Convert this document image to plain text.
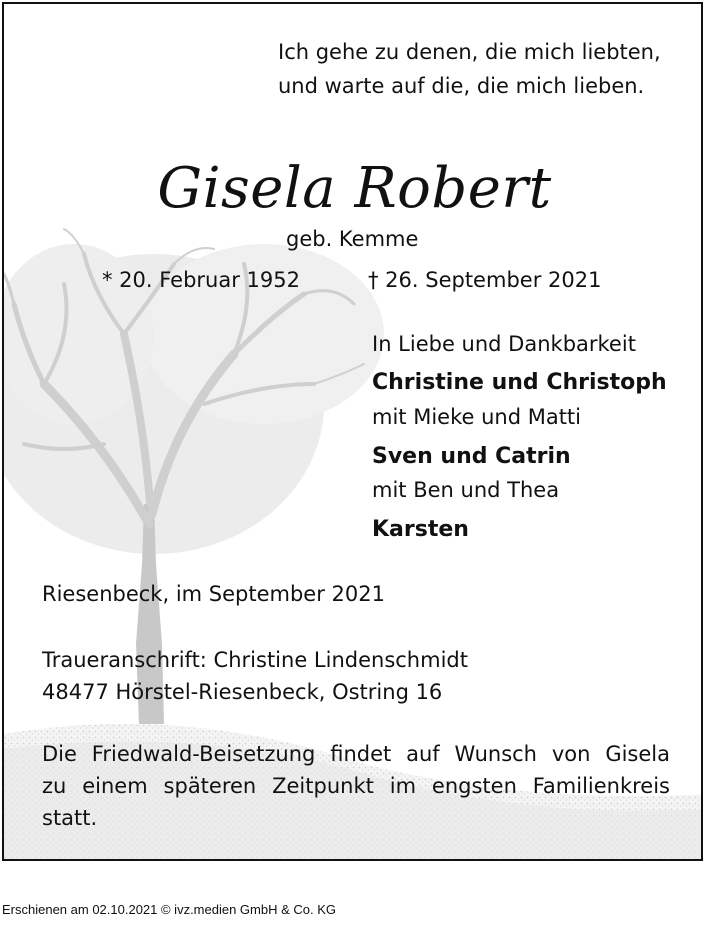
Ich gehe zu denen, die mich liebten,
und warte auf die, die mich lieben.
Gisela Robert
geb. Kemme
* 20. Februar 1952	† 26. September 2021
In Liebe und Dankbarkeit
Christine und Christoph
mit Mieke und Matti
Sven und Catrin
mit Ben und Thea
Karsten
Riesenbeck, im September 2021
Traueranschrift: Christine Lindenschmidt
48477 Hörstel-Riesenbeck, Ostring 16
Die Friedwald-Beisetzung findet auf Wunsch von Gisela
zu einem späteren Zeitpunkt im engsten Familienkreis
statt.
Erschienen am 02.10.2021 © ivz.medien GmbH & Co. KG
